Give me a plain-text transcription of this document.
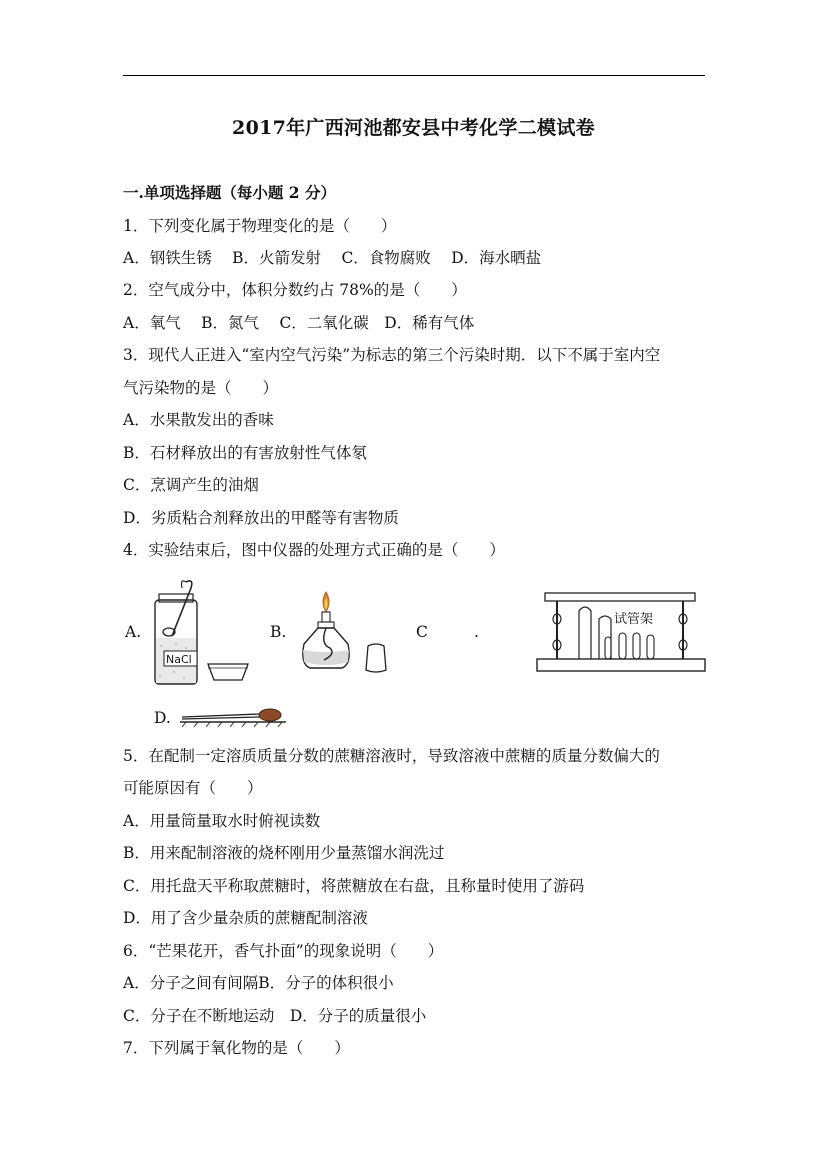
2017年广西河池都安县中考化学二模试卷
一.单项选择题（每小题 2 分）
1．下列变化属于物理变化的是（　　）
A．钢铁生锈　 B．火箭发射　 C．食物腐败　 D．海水晒盐
2．空气成分中，体积分数约占 78%的是（　　）
A．氧气　 B．氮气　 C．二氧化碳　D．稀有气体
3．现代人正进入“室内空气污染”为标志的第三个污染时期．以下不属于室内空
气污染物的是（　　）
A．水果散发出的香味
B．石材释放出的有害放射性气体氡
C．烹调产生的油烟
D．劣质粘合剂释放出的甲醛等有害物质
4．实验结束后，图中仪器的处理方式正确的是（　　）
A.	B.	C	.
D.
NaCl
试管架
5．在配制一定溶质质量分数的蔗糖溶液时，导致溶液中蔗糖的质量分数偏大的
可能原因有（　　）
A．用量筒量取水时俯视读数
B．用来配制溶液的烧杯刚用少量蒸馏水润洗过
C．用托盘天平称取蔗糖时，将蔗糖放在右盘，且称量时使用了游码
D．用了含少量杂质的蔗糖配制溶液
6．“芒果花开，香气扑面”的现象说明（　　）
A．分子之间有间隔B．分子的体积很小
C．分子在不断地运动　D．分子的质量很小
7．下列属于氧化物的是（　　）
